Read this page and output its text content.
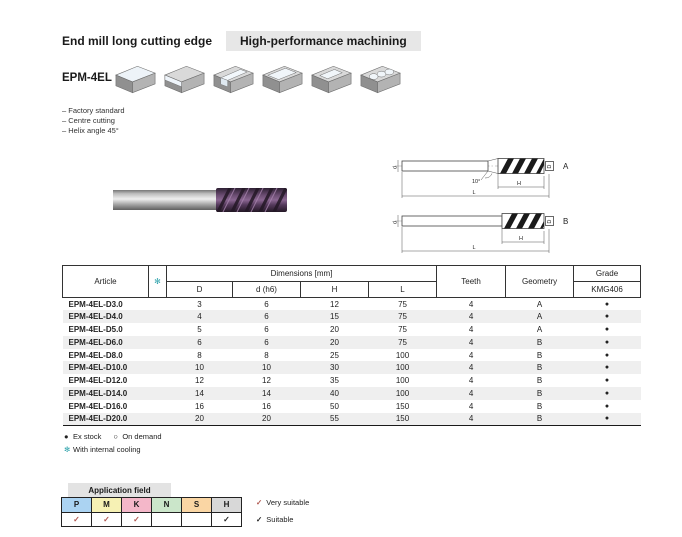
End mill long cutting edge	High-performance machining
EPM-4EL
– Factory standard
– Centre cutting
– Helix angle 45°
d
10°	H
L
D A
d
H
L
D B
Article	✻	Dimensions [mm]				Teeth	Geometry	Grade
		D	d (h6)	H	L			KMG406
EPM-4EL-D3.0		3	6	12	75	4	A	●
EPM-4EL-D4.0		4	6	15	75	4	A	●
EPM-4EL-D5.0		5	6	20	75	4	A	●
EPM-4EL-D6.0		6	6	20	75	4	B	●
EPM-4EL-D8.0		8	8	25	100	4	B	●
EPM-4EL-D10.0		10	10	30	100	4	B	●
EPM-4EL-D12.0		12	12	35	100	4	B	●
EPM-4EL-D14.0		14	14	40	100	4	B	●
EPM-4EL-D16.0		16	16	50	150	4	B	●
EPM-4EL-D20.0		20	20	55	150	4	B	●
● Ex stock ○ On demand
✻ With internal cooling
Application field
P	M	K	N	S	H
✓	✓	✓			✓
✓ Very suitable
✓ Suitable
